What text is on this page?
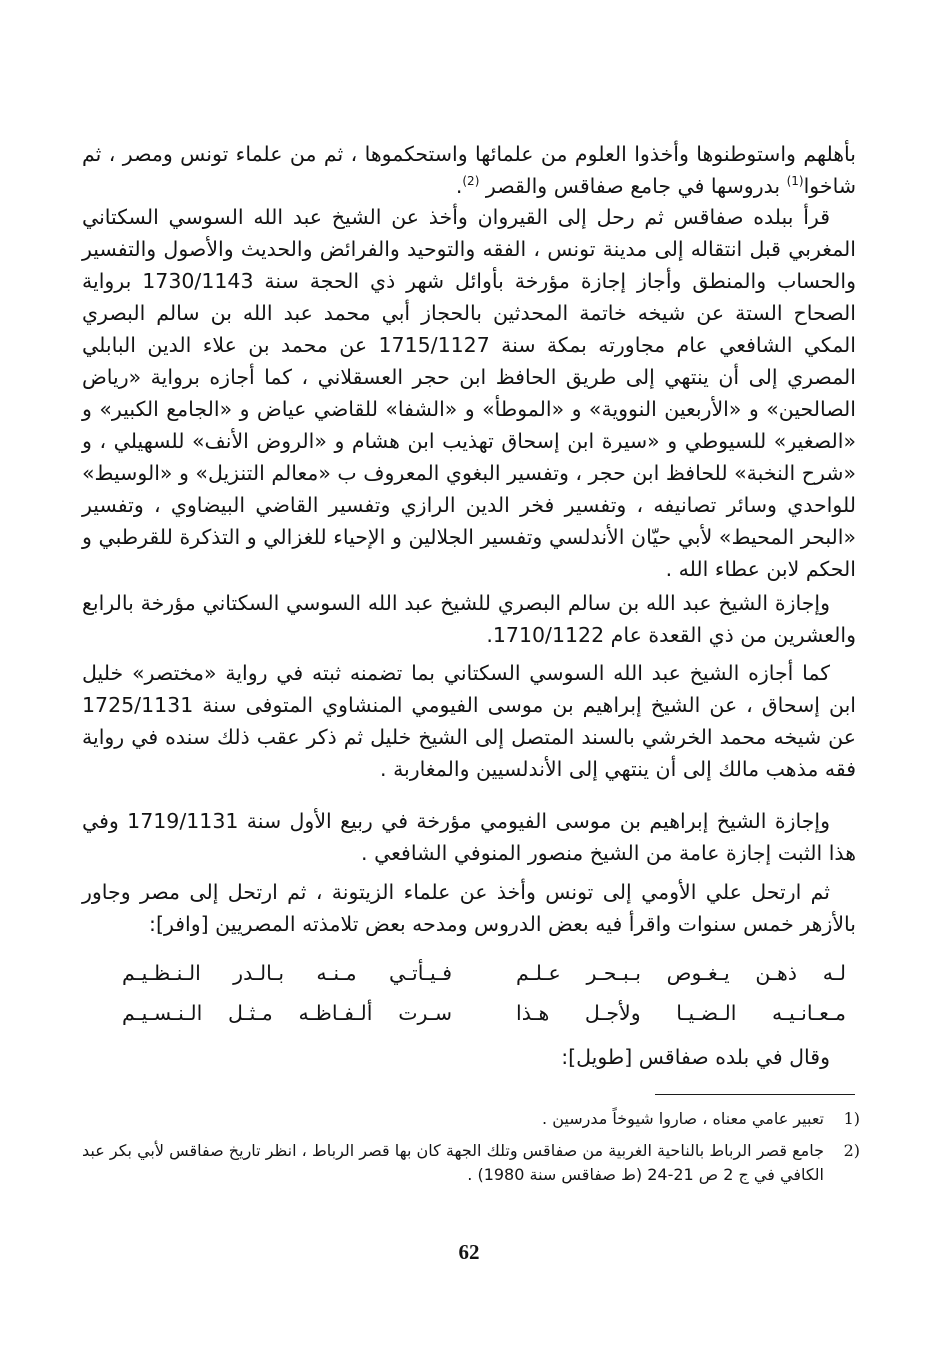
بأهلهم واستوطنوها وأخذوا العلوم من علمائها واستحكموها ، ثم من علماء تونس ومصر ، ثم شاخوا$^{(1)}$ بدروسها في جامع صفاقس والقصر $^{(2)}$.

قرأ ببلده صفاقس ثم رحل إلى القيروان وأخذ عن الشيخ عبد الله السوسي السكتاني المغربي قبل انتقاله إلى مدينة تونس ، الفقه والتوحيد والفرائض والحديث والأصول والتفسير والحساب والمنطق وأجاز إجازة مؤرخة بأوائل شهر ذي الحجة سنة 1730/1143 برواية الصحاح الستة عن شيخه خاتمة المحدثين بالحجاز أبي محمد عبد الله بن سالم البصري المكي الشافعي عام مجاورته بمكة سنة 1715/1127 عن محمد بن علاء الدين البابلي المصري إلى أن ينتهي إلى طريق الحافظ ابن حجر العسقلاني ، كما أجازه برواية «رياض الصالحين» و «الأربعين النووية» و «الموطأ» و «الشفا» للقاضي عياض و «الجامع الكبير» و «الصغير» للسيوطي و «سيرة ابن إسحاق تهذيب ابن هشام و «الروض الأنف» للسهيلي ، و «شرح النخبة» للحافظ ابن حجر ، وتفسير البغوي المعروف ب «معالم التنزيل» و «الوسيط» للواحدي وسائر تصانيفه ، وتفسير فخر الدين الرازي وتفسير القاضي البيضاوي ، وتفسير «البحر المحيط» لأبي حيّان الأندلسي وتفسير الجلالين و الإحياء للغزالي و التذكرة للقرطبي و الحكم لابن عطاء الله .

وإجازة الشيخ عبد الله بن سالم البصري للشيخ عبد الله السوسي السكتاني مؤرخة بالرابع والعشرين من ذي القعدة عام 1710/1122.

كما أجازه الشيخ عبد الله السوسي السكتاني بما تضمنه ثبته في رواية «مختصر» خليل ابن إسحاق ، عن الشيخ إبراهيم بن موسى الفيومي المنشاوي المتوفى سنة 1725/1131 عن شيخه محمد الخرشي بالسند المتصل إلى الشيخ خليل ثم ذكر عقب ذلك سنده في رواية فقه مذهب مالك إلى أن ينتهي إلى الأندلسيين والمغاربة .

وإجازة الشيخ إبراهيم بن موسى الفيومي مؤرخة في ربيع الأول سنة 1719/1131 وفي هذا الثبت إجازة عامة من الشيخ منصور المنوفي الشافعي .

ثم ارتحل علي الأومي إلى تونس وأخذ عن علماء الزيتونة ، ثم ارتحل إلى مصر وجاور بالأزهر خمس سنوات واقرأ فيه بعض الدروس ومدحه بعض تلامذته المصريين [وافر]:

لـه ذهـن يـغـوص بـبـحـر عـلـم
فـيـأتـي مـنـه بـالـدر الـنـظـيـم
مـعـانـيـه الـضـيـا ولأجـل هـذا
سـرت ألـفـاظـه مـثـل الـنـسـيـم

وقال في بلده صفاقس [طويل]:

1)
تعبير عامي معناه ، صاروا شيوخاً مدرسين .
2)
جامع قصر الرباط بالناحية الغربية من صفاقس وتلك الجهة كان بها قصر الرباط ، انظر تاريخ صفاقس لأبي بكر عبد الكافي في ج 2 ص 21-24 (ط صفاقس سنة 1980) .
62
